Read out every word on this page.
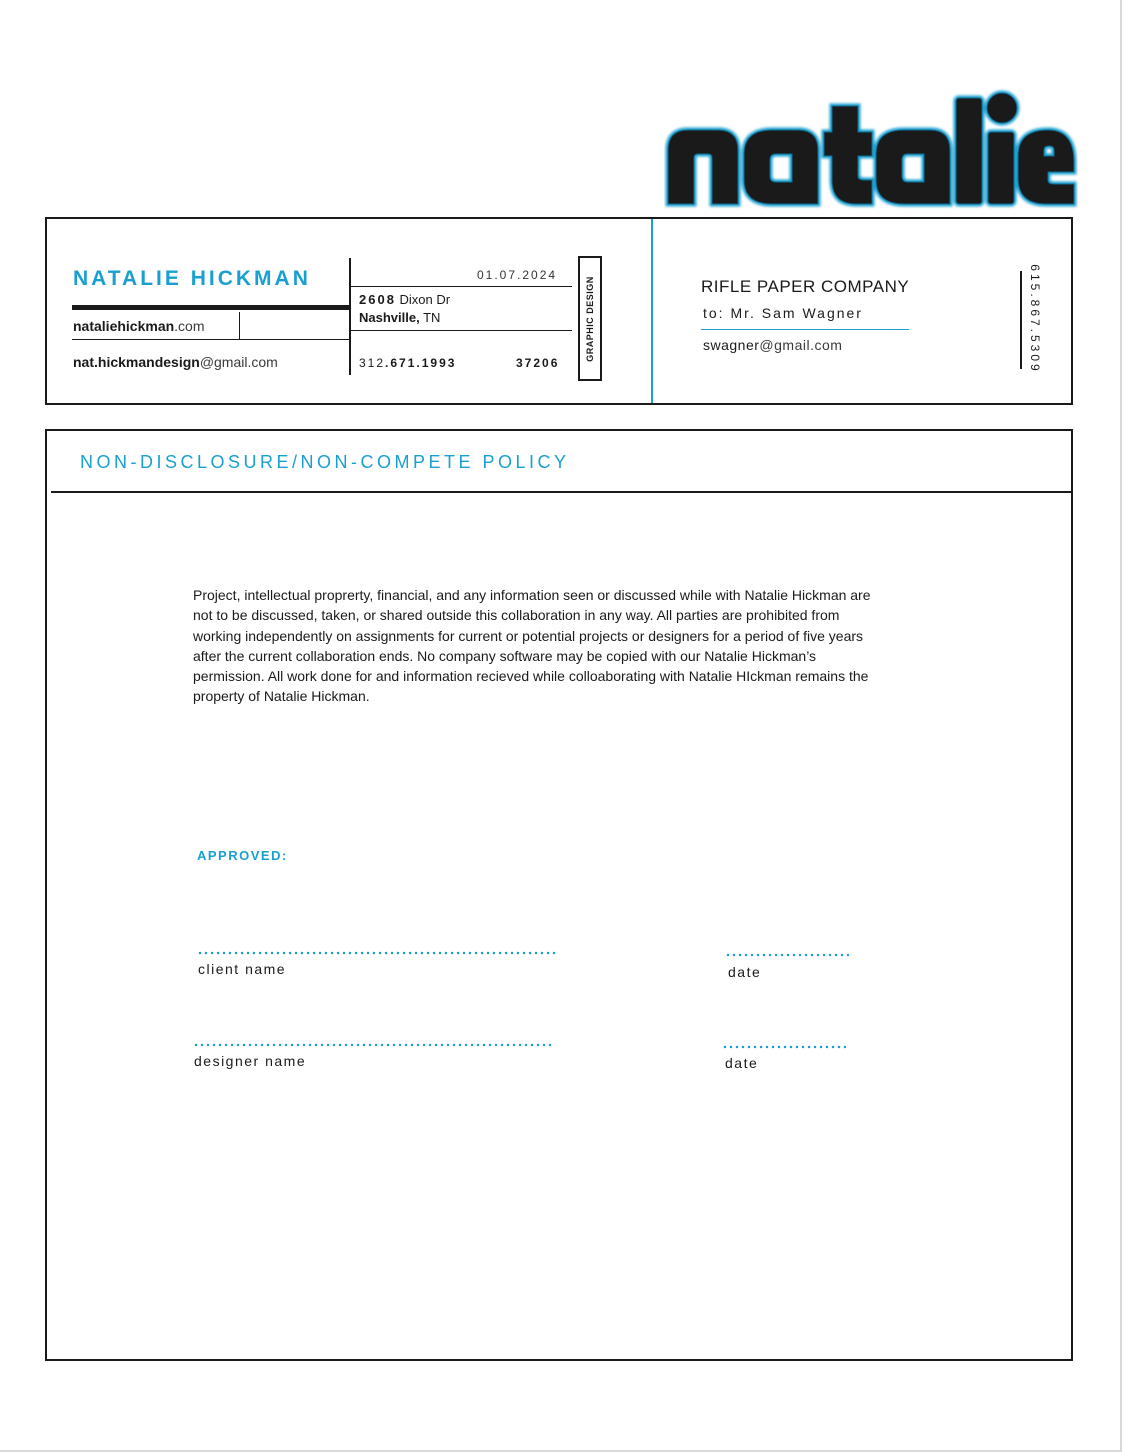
NATALIE HICKMAN
nataliehickman.com
nat.hickmandesign@gmail.com
01.07.2024
2608 Dixon Dr
Nashville, TN
312.671.1993	37206
GRAPHIC DESIGN	RIFLE PAPER COMPANY
to: Mr. Sam Wagner
swagner@gmail.com	615.867.5309
NON-DISCLOSURE/NON-COMPETE POLICY

Project, intellectual proprerty, financial, and any information seen or discussed while with Natalie Hickman are not to be discussed, taken, or shared outside this collaboration in any way. All parties are prohibited from working independently on assignments for current or potential projects or designers for a period of five years after the current collaboration ends. No company software may be copied with our Natalie Hickman’s permission. All work done for and information recieved while colloaborating with Natalie HIckman remains the property of Natalie Hickman.

APPROVED:
client name	date
designer name	date
